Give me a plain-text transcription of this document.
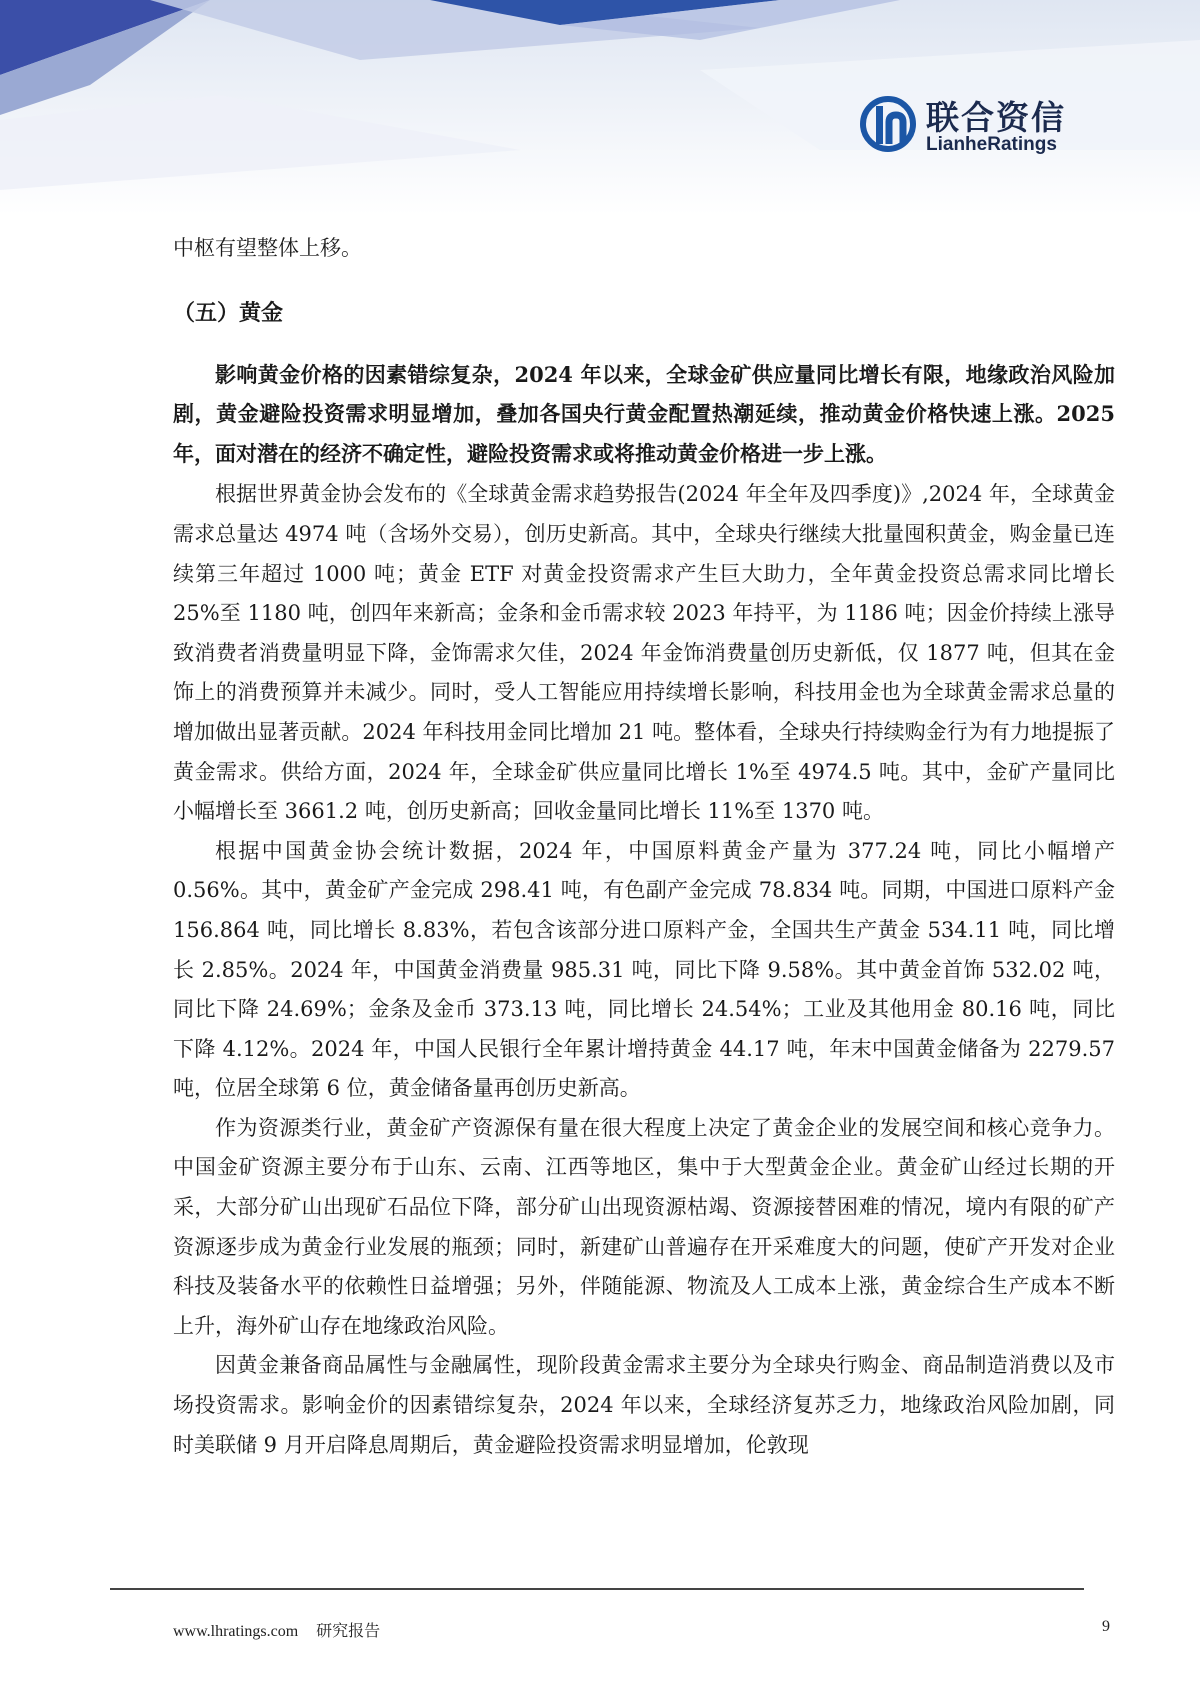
联合资信
LianheRatings

中枢有望整体上移。

（五）黄金

影响黄金价格的因素错综复杂，2024 年以来，全球金矿供应量同比增长有限，地缘政治风险加剧，黄金避险投资需求明显增加，叠加各国央行黄金配置热潮延续，推动黄金价格快速上涨。2025 年，面对潜在的经济不确定性，避险投资需求或将推动黄金价格进一步上涨。

根据世界黄金协会发布的《全球黄金需求趋势报告(2024 年全年及四季度)》,2024 年，全球黄金需求总量达 4974 吨（含场外交易），创历史新高。其中，全球央行继续大批量囤积黄金，购金量已连续第三年超过 1000 吨；黄金 ETF 对黄金投资需求产生巨大助力，全年黄金投资总需求同比增长 25%至 1180 吨，创四年来新高；金条和金币需求较 2023 年持平，为 1186 吨；因金价持续上涨导致消费者消费量明显下降，金饰需求欠佳，2024 年金饰消费量创历史新低，仅 1877 吨，但其在金饰上的消费预算并未减少。同时，受人工智能应用持续增长影响，科技用金也为全球黄金需求总量的增加做出显著贡献。2024 年科技用金同比增加 21 吨。整体看，全球央行持续购金行为有力地提振了黄金需求。供给方面，2024 年，全球金矿供应量同比增长 1%至 4974.5 吨。其中，金矿产量同比小幅增长至 3661.2 吨，创历史新高；回收金量同比增长 11%至 1370 吨。

根据中国黄金协会统计数据，2024 年，中国原料黄金产量为 377.24 吨，同比小幅增产 0.56%。其中，黄金矿产金完成 298.41 吨，有色副产金完成 78.834 吨。同期，中国进口原料产金 156.864 吨，同比增长 8.83%，若包含该部分进口原料产金，全国共生产黄金 534.11 吨，同比增长 2.85%。2024 年，中国黄金消费量 985.31 吨，同比下降 9.58%。其中黄金首饰 532.02 吨，同比下降 24.69%；金条及金币 373.13 吨，同比增长 24.54%；工业及其他用金 80.16 吨，同比下降 4.12%。2024 年，中国人民银行全年累计增持黄金 44.17 吨，年末中国黄金储备为 2279.57 吨，位居全球第 6 位，黄金储备量再创历史新高。

作为资源类行业，黄金矿产资源保有量在很大程度上决定了黄金企业的发展空间和核心竞争力。中国金矿资源主要分布于山东、云南、江西等地区，集中于大型黄金企业。黄金矿山经过长期的开采，大部分矿山出现矿石品位下降，部分矿山出现资源枯竭、资源接替困难的情况，境内有限的矿产资源逐步成为黄金行业发展的瓶颈；同时，新建矿山普遍存在开采难度大的问题，使矿产开发对企业科技及装备水平的依赖性日益增强；另外，伴随能源、物流及人工成本上涨，黄金综合生产成本不断上升，海外矿山存在地缘政治风险。

因黄金兼备商品属性与金融属性，现阶段黄金需求主要分为全球央行购金、商品制造消费以及市场投资需求。影响金价的因素错综复杂，2024 年以来，全球经济复苏乏力，地缘政治风险加剧，同时美联储 9 月开启降息周期后，黄金避险投资需求明显增加，伦敦现

www.lhratings.com 研究报告	9
